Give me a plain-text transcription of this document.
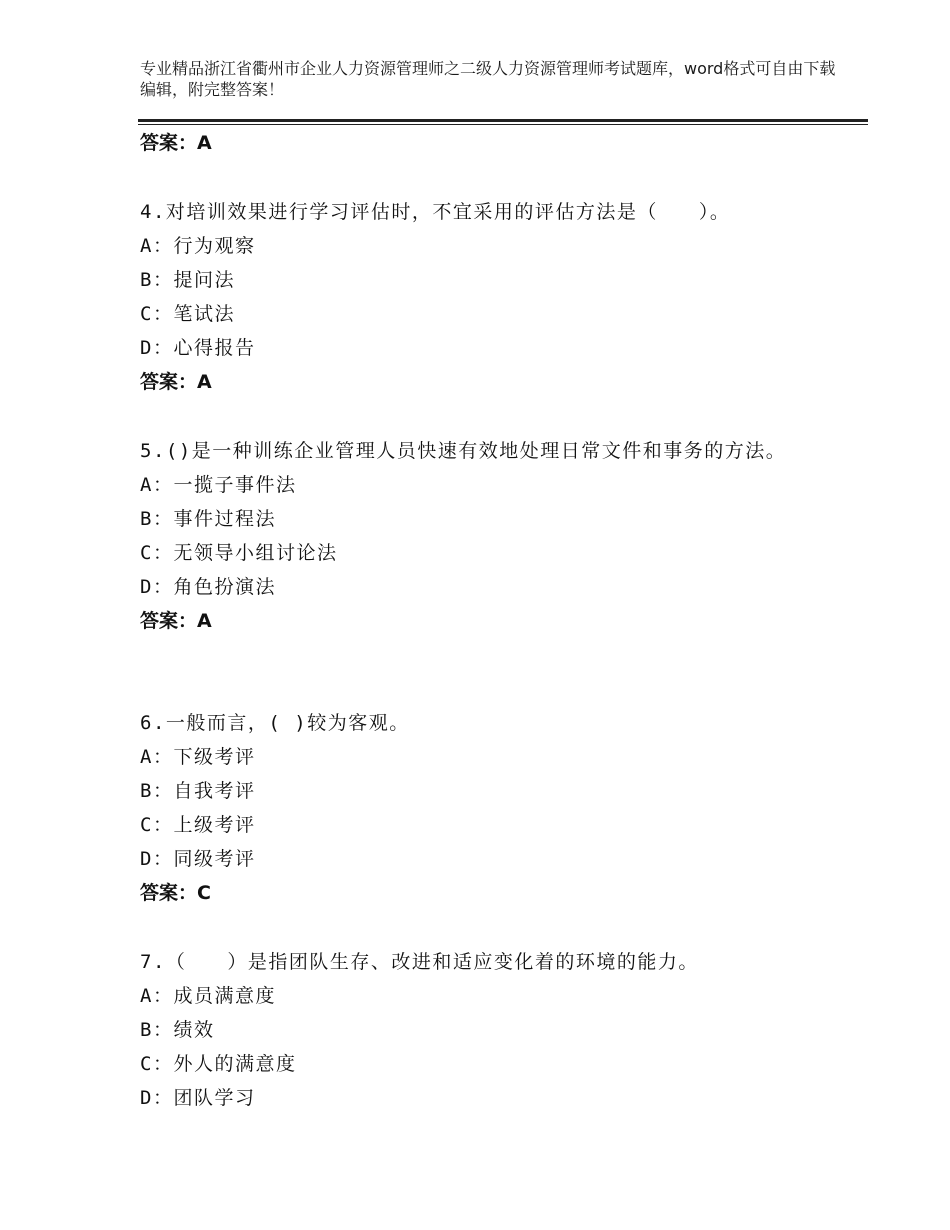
专业精品浙江省衢州市企业人力资源管理师之二级人力资源管理师考试题库，word格式可自由下载编辑，附完整答案！
答案：A
4.对培训效果进行学习评估时，不宜采用的评估方法是（　　）。
A：行为观察
B：提问法
C：笔试法
D：心得报告
答案：A
5.()是一种训练企业管理人员快速有效地处理日常文件和事务的方法。
A：一揽子事件法
B：事件过程法
C：无领导小组讨论法
D：角色扮演法
答案：A
6.一般而言，( )较为客观。
A：下级考评
B：自我考评
C：上级考评
D：同级考评
答案：C
7.（　　）是指团队生存、改进和适应变化着的环境的能力。
A：成员满意度
B：绩效
C：外人的满意度
D：团队学习
